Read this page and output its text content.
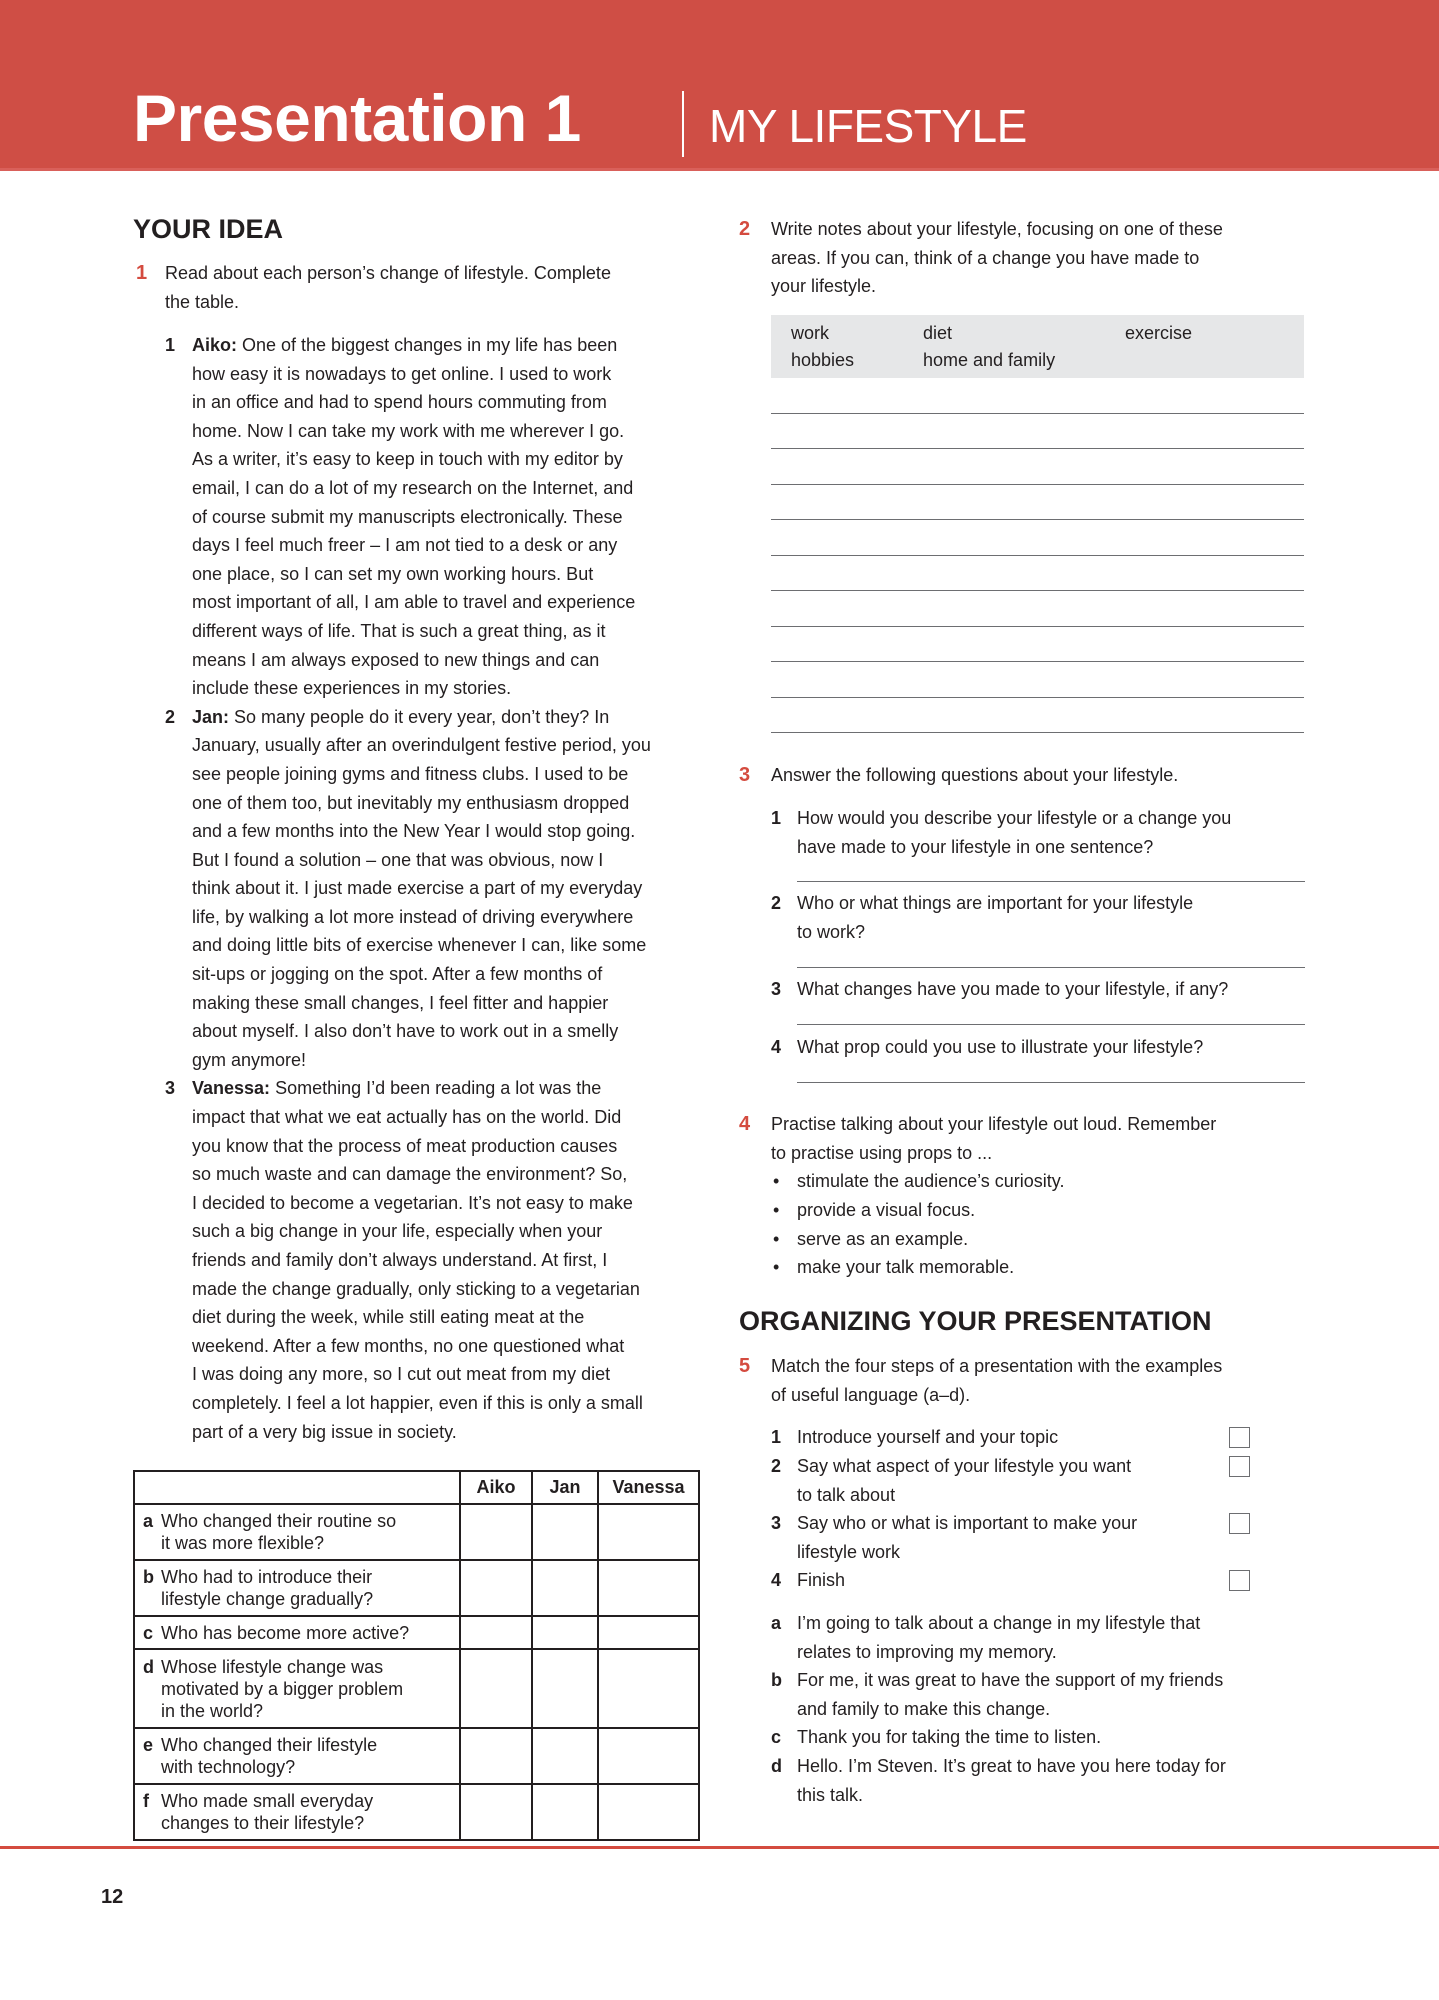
Presentation 1	MY LIFESTYLE
YOUR IDEA
1 Read about each person’s change of lifestyle. Complete
the table.
1 Aiko: One of the biggest changes in my life has been
how easy it is nowadays to get online. I used to work
in an office and had to spend hours commuting from
home. Now I can take my work with me wherever I go.
As a writer, it’s easy to keep in touch with my editor by
email, I can do a lot of my research on the Internet, and
of course submit my manuscripts electronically. These
days I feel much freer – I am not tied to a desk or any
one place, so I can set my own working hours. But
most important of all, I am able to travel and experience
different ways of life. That is such a great thing, as it
means I am always exposed to new things and can
include these experiences in my stories.
2 Jan: So many people do it every year, don’t they? In
January, usually after an overindulgent festive period, you
see people joining gyms and fitness clubs. I used to be
one of them too, but inevitably my enthusiasm dropped
and a few months into the New Year I would stop going.
But I found a solution – one that was obvious, now I
think about it. I just made exercise a part of my everyday
life, by walking a lot more instead of driving everywhere
and doing little bits of exercise whenever I can, like some
sit-ups or jogging on the spot. After a few months of
making these small changes, I feel fitter and happier
about myself. I also don’t have to work out in a smelly
gym anymore!
3 Vanessa: Something I’d been reading a lot was the
impact that what we eat actually has on the world. Did
you know that the process of meat production causes
so much waste and can damage the environment? So,
I decided to become a vegetarian. It’s not easy to make
such a big change in your life, especially when your
friends and family don’t always understand. At first, I
made the change gradually, only sticking to a vegetarian
diet during the week, while still eating meat at the
weekend. After a few months, no one questioned what
I was doing any more, so I cut out meat from my diet
completely. I feel a lot happier, even if this is only a small
part of a very big issue in society.
	Aiko	Jan	Vanessa
a Who changed their routine so
it was more flexible?			
b Who had to introduce their
lifestyle change gradually?			
c Who has become more active?			
d Whose lifestyle change was
motivated by a bigger problem
in the world?			
e Who changed their lifestyle
with technology?			
f Who made small everyday
changes to their lifestyle?			
2 Write notes about your lifestyle, focusing on one of these
areas. If you can, think of a change you have made to
your lifestyle.
work	diet	exercise
hobbies	home and family
3 Answer the following questions about your lifestyle.
1 How would you describe your lifestyle or a change you
have made to your lifestyle in one sentence?
2 Who or what things are important for your lifestyle
to work?
3 What changes have you made to your lifestyle, if any?
4 What prop could you use to illustrate your lifestyle?
4 Practise talking about your lifestyle out loud. Remember
to practise using props to ...
• stimulate the audience’s curiosity.
• provide a visual focus.
• serve as an example.
• make your talk memorable.
ORGANIZING YOUR PRESENTATION
5 Match the four steps of a presentation with the examples
of useful language (a–d).
1 Introduce yourself and your topic
2 Say what aspect of your lifestyle you want
to talk about
3 Say who or what is important to make your
lifestyle work
4 Finish
a I’m going to talk about a change in my lifestyle that
relates to improving my memory.
b For me, it was great to have the support of my friends
and family to make this change.
c Thank you for taking the time to listen.
d Hello. I’m Steven. It’s great to have you here today for
this talk.
12
